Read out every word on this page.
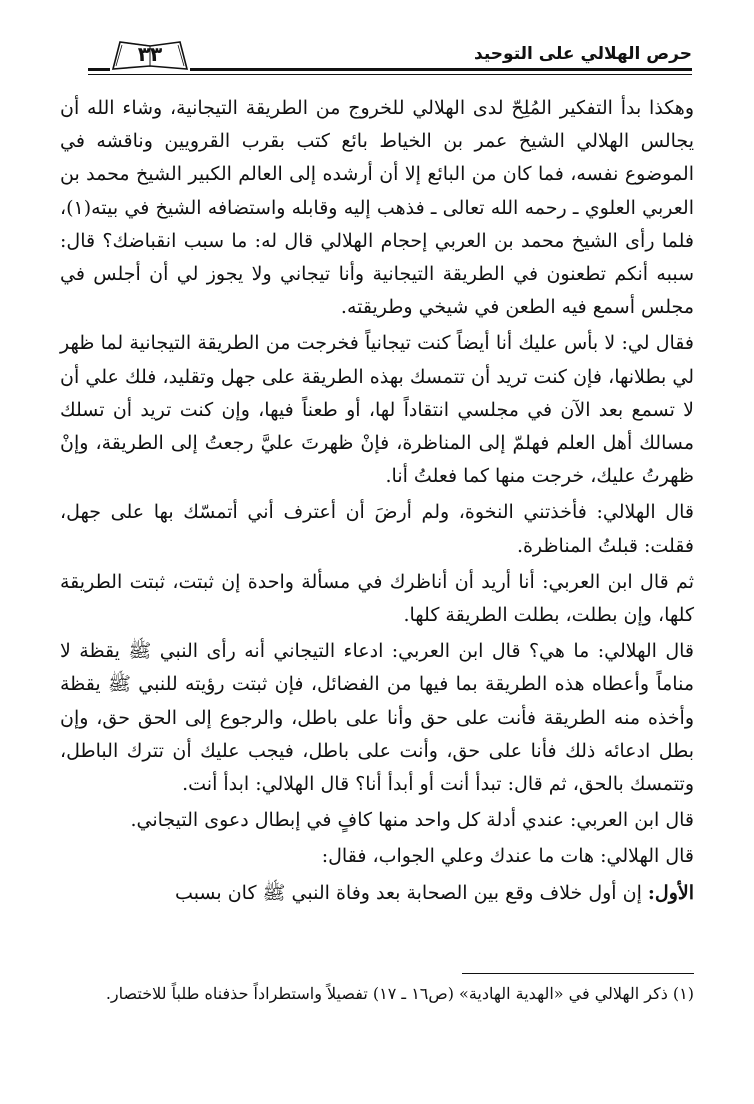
حرص الهلالي على التوحيد
٣٣

وهكذا بدأ التفكير المُلِحّ لدى الهلالي للخروج من الطريقة التيجانية، وشاء الله أن يجالس الهلالي الشيخ عمر بن الخياط بائع كتب بقرب القرويين وناقشه في الموضوع نفسه، فما كان من البائع إلا أن أرشده إلى العالم الكبير الشيخ محمد بن العربي العلوي ـ رحمه الله تعالى ـ فذهب إليه وقابله واستضافه الشيخ في بيته(١)، فلما رأى الشيخ محمد بن العربي إحجام الهلالي قال له: ما سبب انقباضك؟ قال: سببه أنكم تطعنون في الطريقة التيجانية وأنا تيجاني ولا يجوز لي أن أجلس في مجلس أسمع فيه الطعن في شيخي وطريقته.

فقال لي: لا بأس عليك أنا أيضاً كنت تيجانياً فخرجت من الطريقة التيجانية لما ظهر لي بطلانها، فإن كنت تريد أن تتمسك بهذه الطريقة على جهل وتقليد، فلك علي أن لا تسمع بعد الآن في مجلسي انتقاداً لها، أو طعناً فيها، وإن كنت تريد أن تسلك مسالك أهل العلم فهلمّ إلى المناظرة، فإنْ ظهرتَ عليَّ رجعتُ إلى الطريقة، وإنْ ظهرتُ عليك، خرجت منها كما فعلتُ أنا.

قال الهلالي: فأخذتني النخوة، ولم أرضَ أن أعترف أني أتمسّك بها على جهل، فقلت: قبلتُ المناظرة.

ثم قال ابن العربي: أنا أريد أن أناظرك في مسألة واحدة إن ثبتت، ثبتت الطريقة كلها، وإن بطلت، بطلت الطريقة كلها.

قال الهلالي: ما هي؟ قال ابن العربي: ادعاء التيجاني أنه رأى النبي ﷺ يقظة لا مناماً وأعطاه هذه الطريقة بما فيها من الفضائل، فإن ثبتت رؤيته للنبي ﷺ يقظة وأخذه منه الطريقة فأنت على حق وأنا على باطل، والرجوع إلى الحق حق، وإن بطل ادعائه ذلك فأنا على حق، وأنت على باطل، فيجب عليك أن تترك الباطل، وتتمسك بالحق، ثم قال: تبدأ أنت أو أبدأ أنا؟ قال الهلالي: ابدأ أنت.

قال ابن العربي: عندي أدلة كل واحد منها كافٍ في إبطال دعوى التيجاني.

قال الهلالي: هات ما عندك وعلي الجواب، فقال:

الأول: إن أول خلاف وقع بين الصحابة بعد وفاة النبي ﷺ كان بسبب

(١) ذكر الهلالي في «الهدية الهادية» (ص١٦ ـ ١٧) تفصيلاً واستطراداً حذفناه طلباً للاختصار.
